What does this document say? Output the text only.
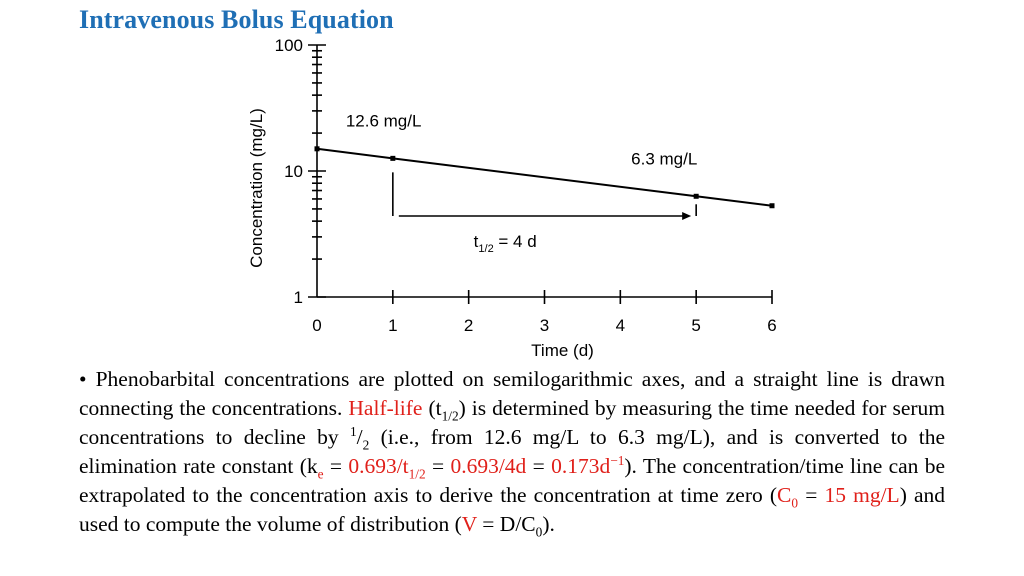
Intravenous Bolus Equation
1
10
100
0	1	2	3	4	5	6
12.6 mg/L
6.3 mg/L
$t_{1/2} = 4$ d
Time (d)
Concentration (mg/L)

• Phenobarbital concentrations are plotted on semilogarithmic axes, and a straight line is drawn connecting the concentrations. Half-life $(t_{1/2})$ is determined by measuring the time needed for serum concentrations to decline by $^1/_2$ (i.e., from 12.6 mg/L to 6.3 mg/L), and is converted to the elimination rate constant $(k_e = 0.693/t_{1/2} = 0.693/4d = 0.173d^{-1})$. The concentration/time line can be extrapolated to the concentration axis to derive the concentration at time zero ($C_0 = 15$ mg/L) and used to compute the volume of distribution $(V = D/C_0)$.
